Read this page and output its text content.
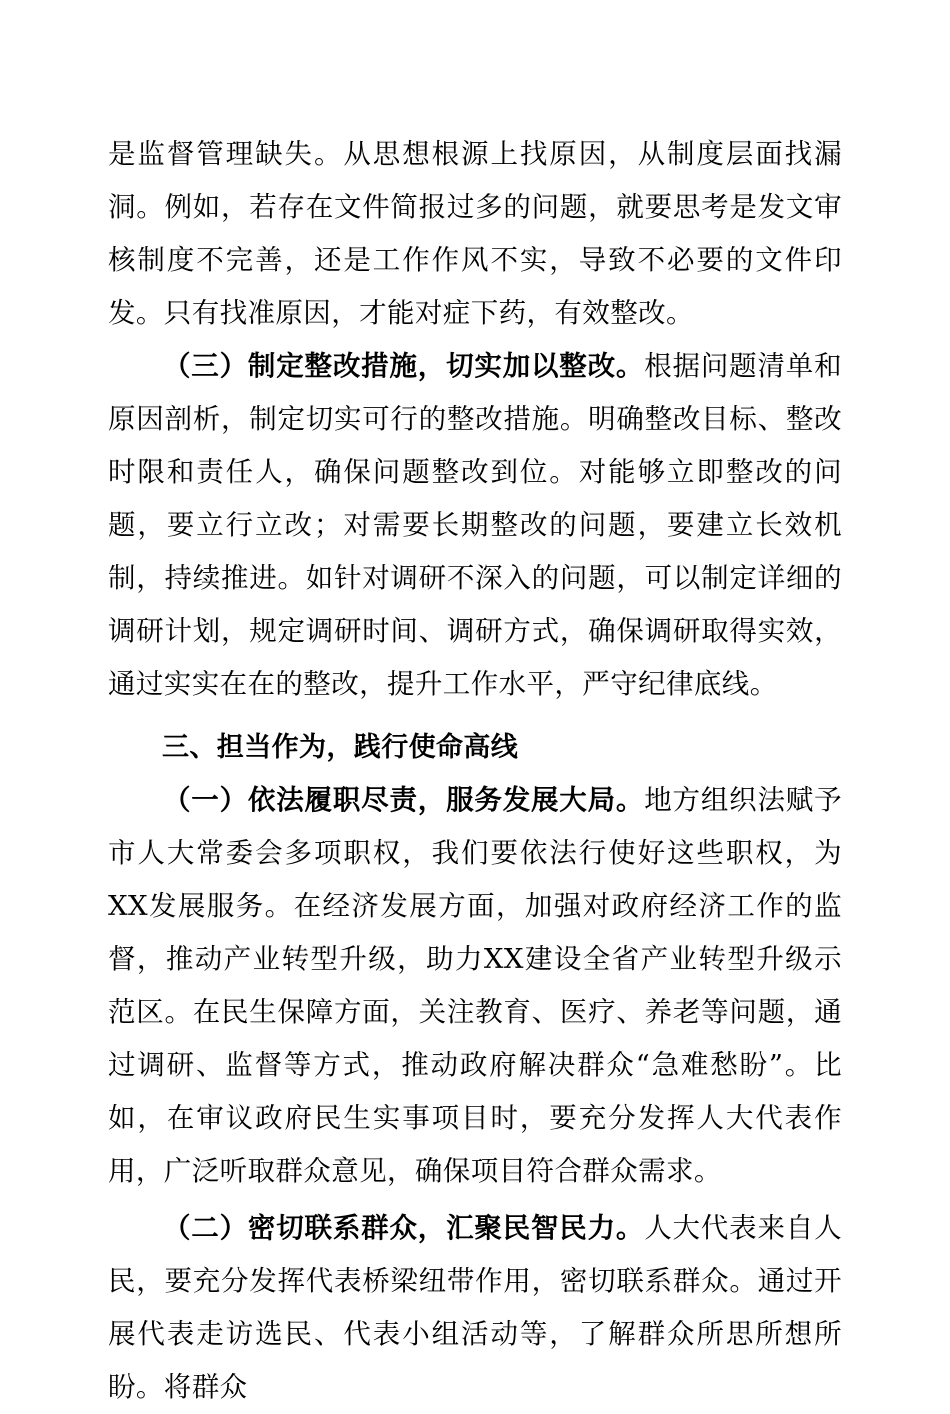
是监督管理缺失。从思想根源上找原因，从制度层面找漏洞。例如，若存在文件简报过多的问题，就要思考是发文审核制度不完善，还是工作作风不实，导致不必要的文件印发。只有找准原因，才能对症下药，有效整改。

（三）制定整改措施，切实加以整改。根据问题清单和原因剖析，制定切实可行的整改措施。明确整改目标、整改时限和责任人，确保问题整改到位。对能够立即整改的问题，要立行立改；对需要长期整改的问题，要建立长效机制，持续推进。如针对调研不深入的问题，可以制定详细的调研计划，规定调研时间、调研方式，确保调研取得实效，通过实实在在的整改，提升工作水平，严守纪律底线。

三、担当作为，践行使命高线

（一）依法履职尽责，服务发展大局。地方组织法赋予市人大常委会多项职权，我们要依法行使好这些职权，为XX发展服务。在经济发展方面，加强对政府经济工作的监督，推动产业转型升级，助力XX建设全省产业转型升级示范区。在民生保障方面，关注教育、医疗、养老等问题，通过调研、监督等方式，推动政府解决群众“急难愁盼”。比如，在审议政府民生实事项目时，要充分发挥人大代表作用，广泛听取群众意见，确保项目符合群众需求。

（二）密切联系群众，汇聚民智民力。人大代表来自人民，要充分发挥代表桥梁纽带作用，密切联系群众。通过开展代表走访选民、代表小组活动等，了解群众所思所想所盼。将群众
